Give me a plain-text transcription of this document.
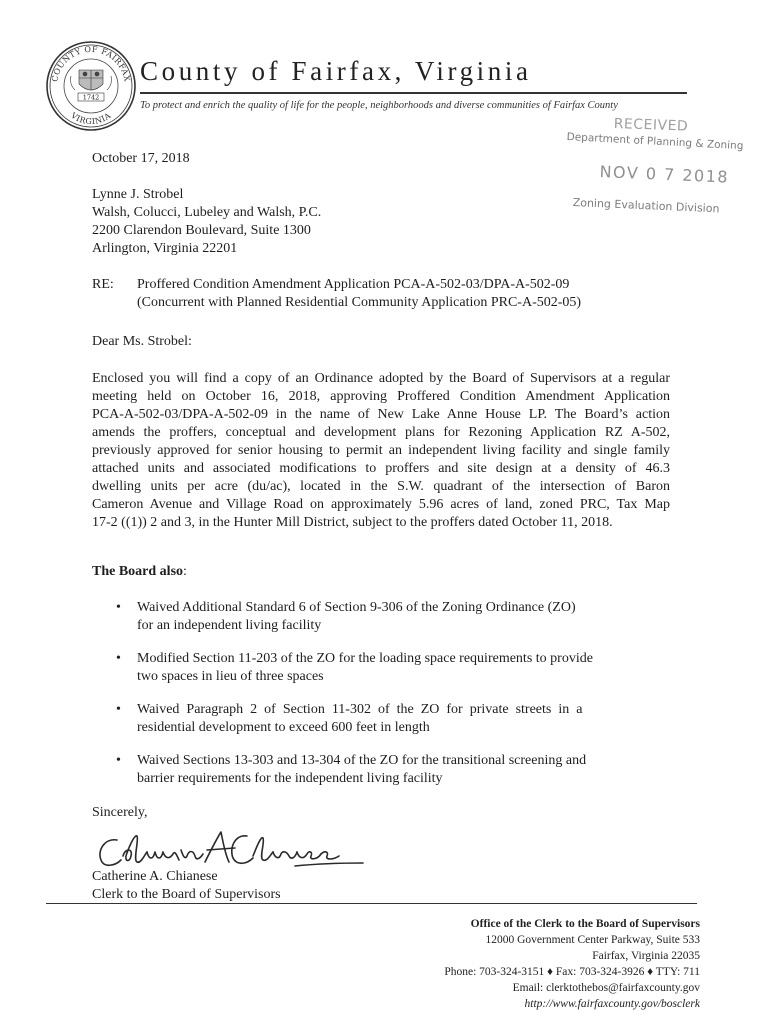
COUNTY OF FAIRFAX
VIRGINIA
1742
County of Fairfax, Virginia
To protect and enrich the quality of life for the people, neighborhoods and diverse communities of Fairfax County
RECEIVED
Department of Planning & Zoning
NOV 0 7 2018
Zoning Evaluation Division
October 17, 2018
Lynne J. Strobel
Walsh, Colucci, Lubeley and Walsh, P.C.
2200 Clarendon Boulevard, Suite 1300
Arlington, Virginia 22201
RE: Proffered Condition Amendment Application PCA-A-502-03/DPA-A-502-09
(Concurrent with Planned Residential Community Application PRC-A-502-05)
Dear Ms. Strobel:
Enclosed you will find a copy of an Ordinance adopted by the Board of Supervisors at a regular
meeting held on October 16, 2018, approving Proffered Condition Amendment Application
PCA-A-502-03/DPA-A-502-09 in the name of New Lake Anne House LP. The Board’s action
amends the proffers, conceptual and development plans for Rezoning Application RZ A-502,
previously approved for senior housing to permit an independent living facility and single family
attached units and associated modifications to proffers and site design at a density of 46.3
dwelling units per acre (du/ac), located in the S.W. quadrant of the intersection of Baron
Cameron Avenue and Village Road on approximately 5.96 acres of land, zoned PRC, Tax Map
17-2 ((1)) 2 and 3, in the Hunter Mill District, subject to the proffers dated October 11, 2018.
The Board also:
• Waived Additional Standard 6 of Section 9-306 of the Zoning Ordinance (ZO)
for an independent living facility
• Modified Section 11-203 of the ZO for the loading space requirements to provide
two spaces in lieu of three spaces
• Waived  Paragraph  2  of  Section  11-302  of  the  ZO  for  private  streets  in  a
residential development to exceed 600 feet in length
• Waived Sections 13-303 and 13-304 of the ZO for the transitional screening and
barrier requirements for the independent living facility
Sincerely,
Catherine A. Chianese
Clerk to the Board of Supervisors
Office of the Clerk to the Board of Supervisors
12000 Government Center Parkway, Suite 533
Fairfax, Virginia 22035
Phone: 703-324-3151 ♦ Fax: 703-324-3926 ♦ TTY: 711
Email: clerktothebos@fairfaxcounty.gov
http://www.fairfaxcounty.gov/bosclerk
